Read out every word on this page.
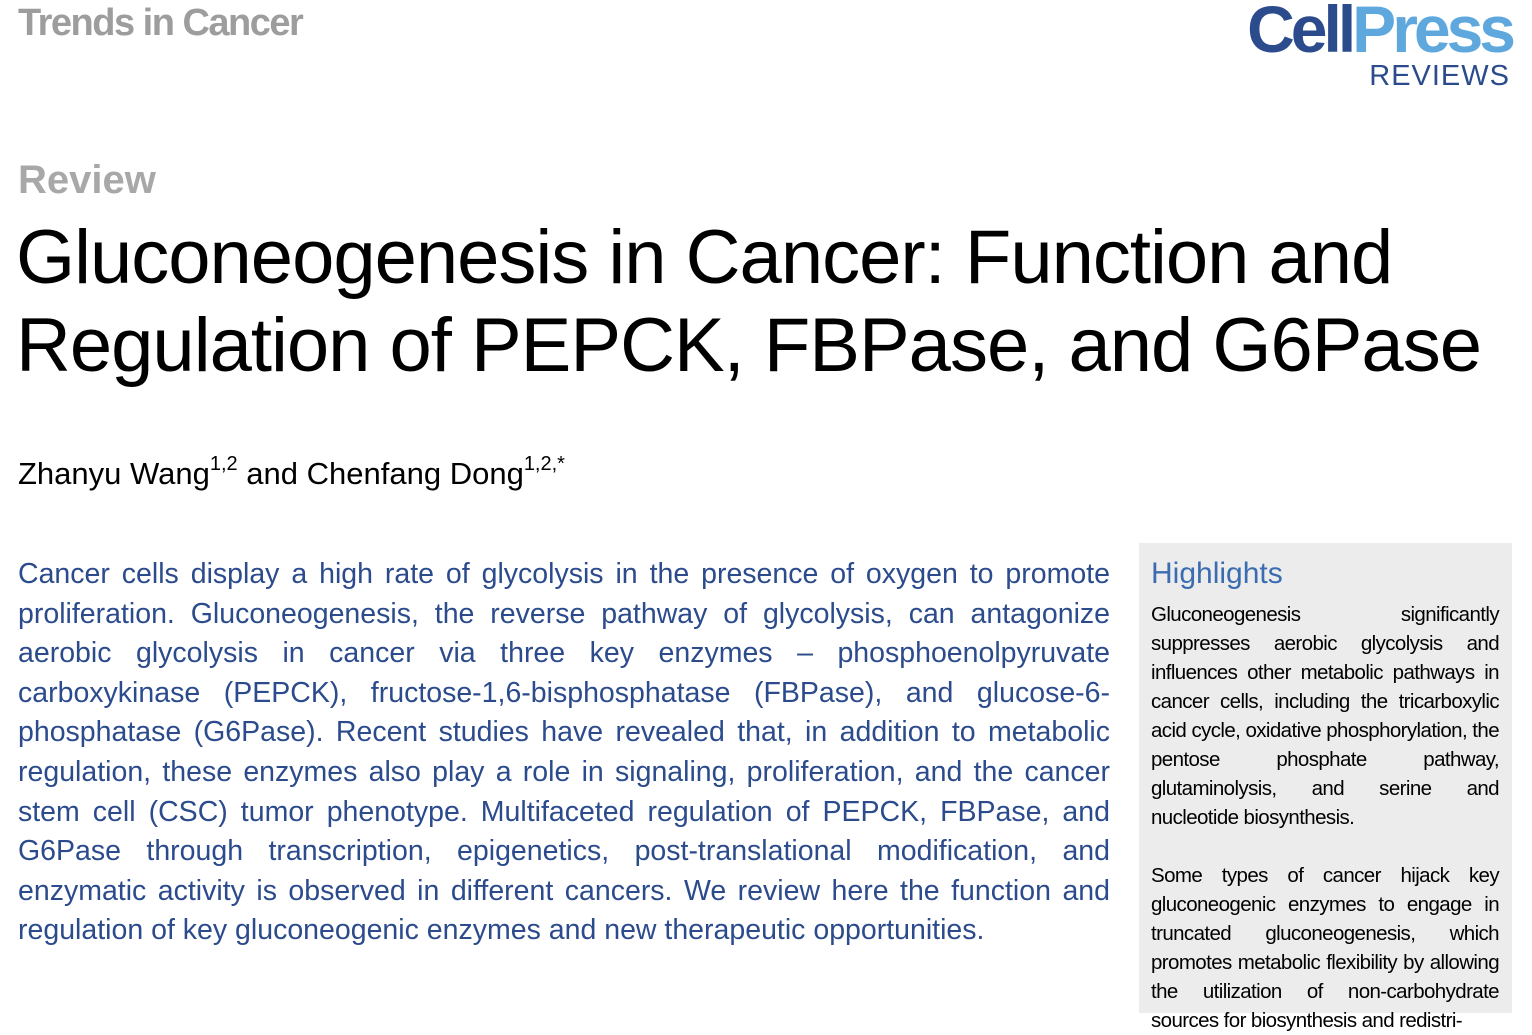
Trends in Cancer	CellPress
REVIEWS
Review
Gluconeogenesis in Cancer: Function and Regulation of PEPCK, FBPase, and G6Pase
Zhanyu Wang$^{1,2}$ and Chenfang Dong$^{1,2,*}$

Cancer cells display a high rate of glycolysis in the presence of oxygen to promote proliferation. Gluconeogenesis, the reverse pathway of glycolysis, can antagonize aerobic glycolysis in cancer via three key enzymes – phosphoenolpyruvate carboxykinase (PEPCK), fructose-1,6-bisphosphatase (FBPase), and glucose-6-phosphatase (G6Pase). Recent studies have revealed that, in addition to metabolic regulation, these enzymes also play a role in signaling, proliferation, and the cancer stem cell (CSC) tumor phenotype. Multifaceted regulation of PEPCK, FBPase, and G6Pase through transcription, epigenetics, post-translational modification, and enzymatic activity is observed in different cancers. We review here the function and regulation of key gluconeogenic enzymes and new therapeutic opportunities.

Highlights

Gluconeogenesis significantly suppresses aerobic glycolysis and influences other metabolic pathways in cancer cells, including the tricarboxylic acid cycle, oxidative phosphorylation, the pentose phosphate pathway, glutaminolysis, and serine and nucleotide biosynthesis.

Some types of cancer hijack key gluconeogenic enzymes to engage in truncated gluconeogenesis, which promotes metabolic flexibility by allowing the utilization of non-carbohydrate sources for biosynthesis and redistri-
